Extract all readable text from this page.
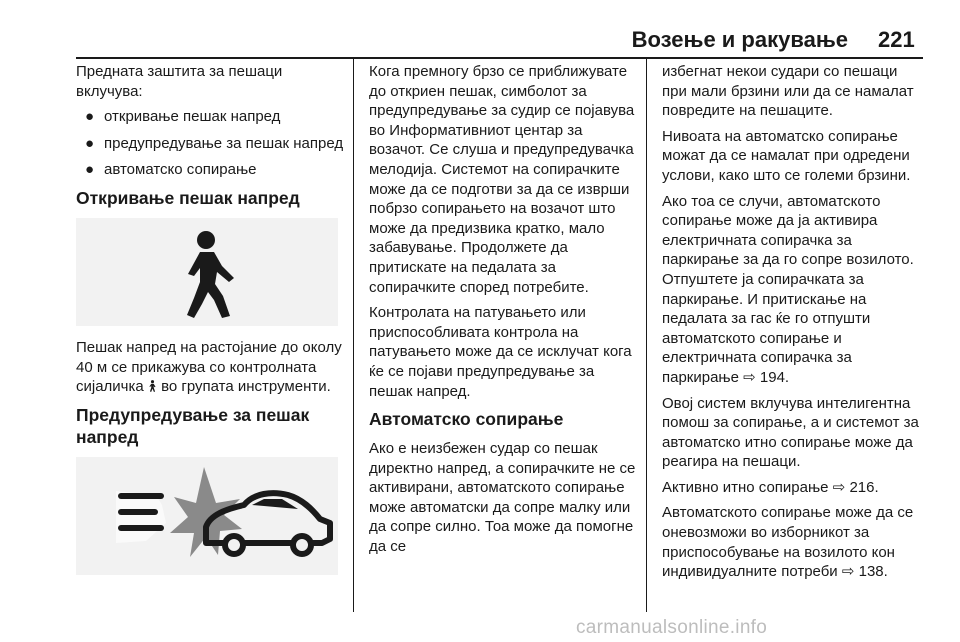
Возење и ракување 221

Предната заштита за пешаци вклучува:

● откривање пешак напред
● предупредување за пешак напред
● автоматско сопирање
Откривање пешак напред

Пешак напред на растојание до околу 40 м се прикажува со контролната сијаличка во групата инструменти.

Предупредување за пешак напред

Кога премногу брзо се приближувате до откриен пешак, симболот за предупредување за судир се појавува во Информативниот центар за возачот. Се слуша и предупредувачка мелодија. Системот на сопирачките може да се подготви за да се изврши побрзо сопирањето на возачот што може да предизвика кратко, мало забавување. Продолжете да притискате на педалата за сопирачките според потребите.

Контролата на патувањето или приспособливата контрола на патувањето може да се исклучат кога ќе се појави предупредување за пешак напред.

Автоматско сопирање

Ако е неизбежен судар со пешак директно напред, а сопирачките не се активирани, автоматското сопирање може автоматски да сопре малку или да сопре силно. Тоа може да помогне да се

избегнат некои судари со пешаци при мали брзини или да се намалат повредите на пешаците.

Нивоата на автоматско сопирање можат да се намалат при одредени услови, како што се големи брзини.

Ако тоа се случи, автоматското сопирање може да ја активира електричната сопирачка за паркирање за да го сопре возилото. Отпуштете ја сопирачката за паркирање. И притискање на педалата за гас ќе го отпушти автоматското сопирање и електричната сопирачка за паркирање ⇨ 194.

Овој систем вклучува интелигентна помош за сопирање, а и системот за автоматско итно сопирање може да реагира на пешаци.

Активно итно сопирање ⇨ 216.

Автоматското сопирање може да се оневозможи во изборникот за приспособување на возилото кон индивидуалните потреби ⇨ 138.

carmanualsonline.info
